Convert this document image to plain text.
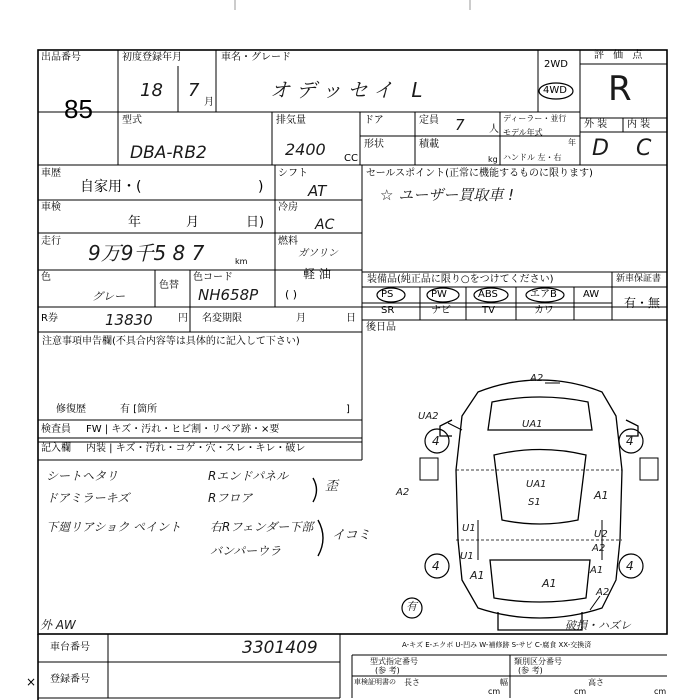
出品番号
85
初度登録年月
18 7
月
車名・グレード
オデッセイ L
2WD
4WD
評 価 点
R
型式
DBA-RB2
排気量
2400 CC
ドア
形状
定員 7 人
積載
kg
ディーラー・並行
モデル年式
年
ハンドル 左・右
外 装 内 装
D C
車歴
自家用・(	)
シフト
AT
セールスポイント(正常に機能するものに限ります)
☆ ユーザー買取車 !
車検
年	月	日)
冷房
AC
走行 9万9千5 8 7	km
燃料
ガソリン
軽 油
( )
色
グレー
色替
色コード
NH658P
装備品(純正品に限り○をつけてください)
PS	PW	ABS	エアB	AW
SR	ナビ	TV	カワ
新車保証書
有・無
R券	13830	円 名変期限	月	日
後日品
注意事項申告欄(不具合内容等は具体的に記入して下さい)
修復歴	有 [箇所	]
検査員
記入欄
FW | キズ・汚れ・ヒビ割・リペア跡・×要
内装 | キズ・汚れ・コゲ・穴・スレ・キレ・破レ
シートヘタリ
ドアミラーキズ
下廻リアショク ペイント
Rエンドパネル
Rフロア
右Rフェンダー下部
バンパーウラ
歪
イコミ
外 AW
A2
UA2
UA1
4	4
4	4
A2
UA1
S1
A1
U1
U2
A2
U1
A1
A1
A2
A1
有
破損・ハズレ
A-キズ E-エクボ U-凹み W-補修跡 S-サビ C-腐食 XX-交換済
車台番号	3301409
× 登録番号
型式指定番号
(参 考)
類別区分番号
(参 考)
車検証明書の 長さ
cm
幅
cm
高さ
cm
